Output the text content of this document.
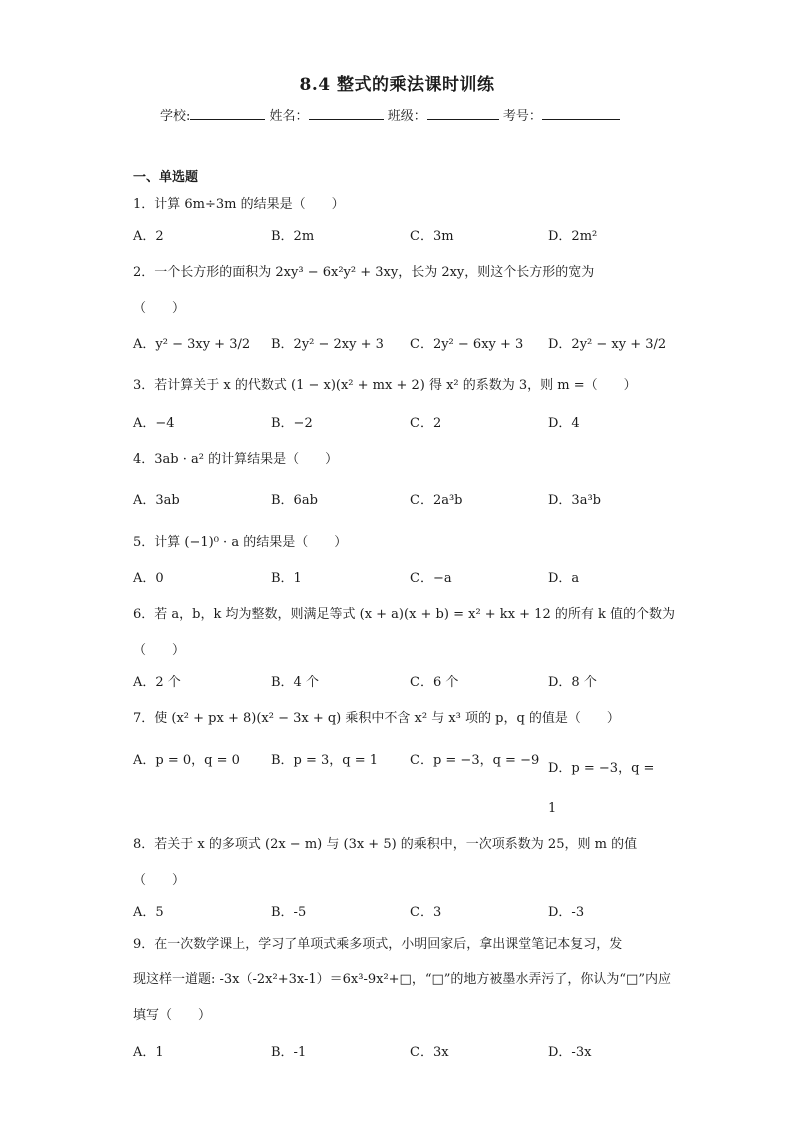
8.4 整式的乘法课时训练
学校:	姓名：	班级：	考号：
一、单选题
1．计算 6m÷3m 的结果是（　　）
A．2	B．2m	C．3m	D．2m²
2．一个长方形的面积为 2xy³ − 6x²y² + 3xy，长为 2xy，则这个长方形的宽为
（　　）
A．y² − 3xy + 3/2 B．2y² − 2xy + 3 C．2y² − 6xy + 3 D．2y² − xy + 3/2
3．若计算关于 x 的代数式 (1 − x)(x² + mx + 2) 得 x² 的系数为 3，则 m =（　　）
A．−4	B．−2	C．2	D．4
4．3ab · a² 的计算结果是（　　）
A．3ab	B．6ab	C．2a³b	D．3a³b
5．计算 (−1)⁰ · a 的结果是（　　）
A．0	B．1	C．−a	D．a
6．若 a，b，k 均为整数，则满足等式 (x + a)(x + b) = x² + kx + 12 的所有 k 值的个数为
（　　）
A．2 个	B．4 个	C．6 个	D．8 个
7．使 (x² + px + 8)(x² − 3x + q) 乘积中不含 x² 与 x³ 项的 p，q 的值是（　　）
A．p = 0，q = 0 B．p = 3，q = 1 C．p = −3，q = −9
D．p = −3，q = 1
8．若关于 x 的多项式 (2x − m) 与 (3x + 5) 的乘积中，一次项系数为 25，则 m 的值
（　　）
A．5	B．-5	C．3	D．-3
9．在一次数学课上，学习了单项式乘多项式，小明回家后，拿出课堂笔记本复习，发
现这样一道题: -3x（-2x²+3x-1）＝6x³-9x²+□，“□”的地方被墨水弄污了，你认为“□”内应
填写（　　）
A．1	B．-1	C．3x	D．-3x
